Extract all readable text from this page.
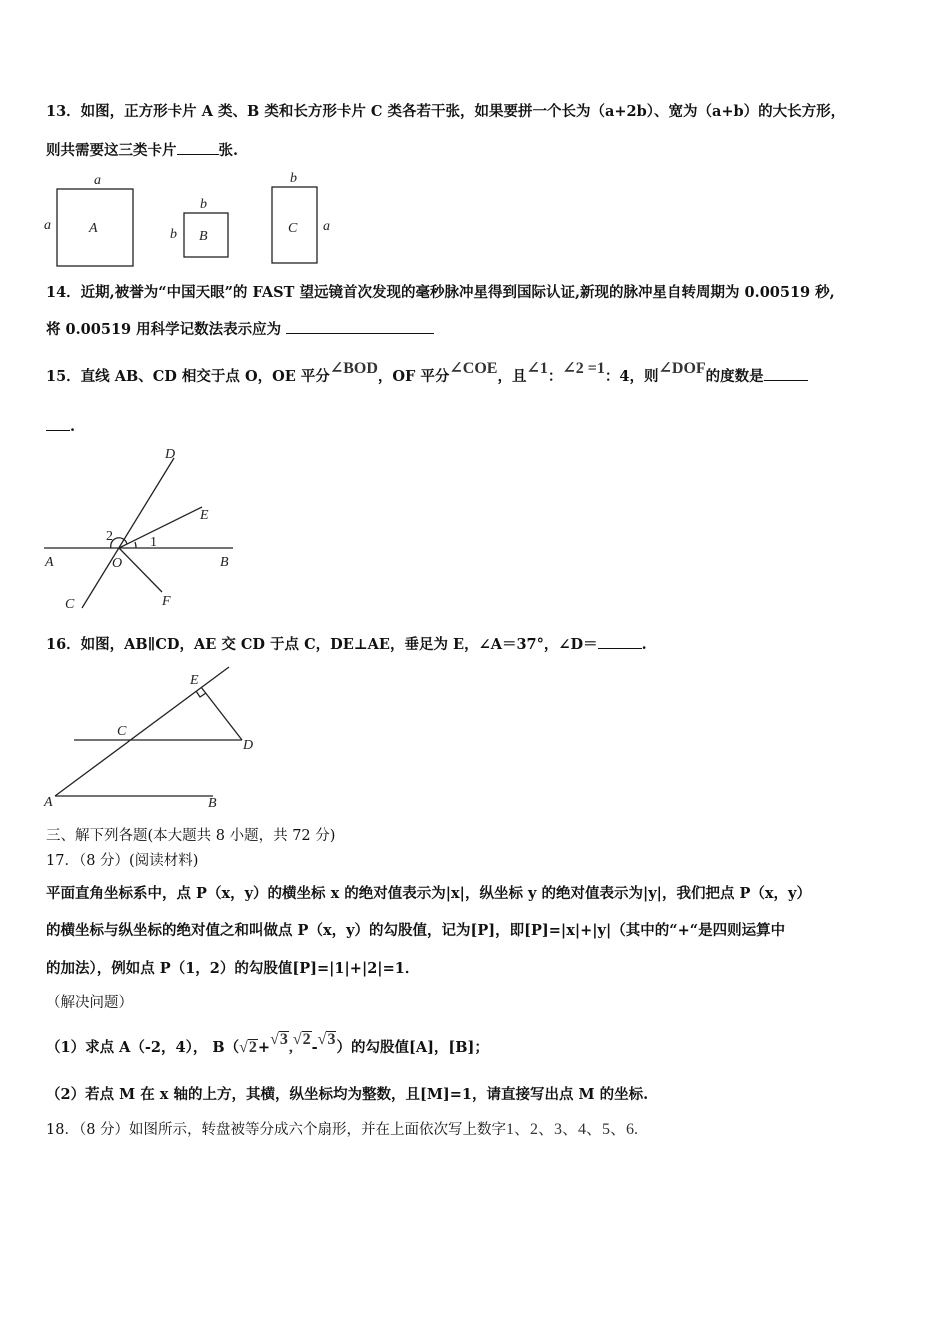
13．如图，正方形卡片 A 类、B 类和长方形卡片 C 类各若干张，如果要拼一个长为（a+2b）、宽为（a+b）的大长方形，
则共需要这三类卡片	张.
a
a	A
b
b B
b
a
C
14．近期,被誉为“中国天眼”的 FAST 望远镜首次发现的毫秒脉冲星得到国际认证,新现的脉冲星自转周期为 0.00519 秒,
将 0.00519 用科学记数法表示应为
15．直线 AB、CD 相交于点 O，OE 平分∠BOD，OF 平分∠COE，且∠1：∠2 =1：4，则∠DOF的度数是
.
D
E
2	1
A	O	B
C	F
16．如图，AB∥CD，AE 交 CD 于点 C，DE⊥AE，垂足为 E，∠A＝37°，∠D＝	.
E
C
D
A	B
三、解下列各题(本大题共 8 小题，共 72 分)
17．（8 分）(阅读材料)
平面直角坐标系中，点 P（x，y）的横坐标 x 的绝对值表示为|x|，纵坐标 y 的绝对值表示为|y|，我们把点 P（x，y）
的横坐标与纵坐标的绝对值之和叫做点 P（x，y）的勾股值，记为[P]，即[P]=|x|+|y|（其中的“+“是四则运算中
的加法），例如点 P（1，2）的勾股值[P]=|1|+|2|=1．
（解决问题）
（1）求点 A（-2，4）， B（√2+√3,√2-√3）的勾股值[A]，[B]；
（2）若点 M 在 x 轴的上方，其横，纵坐标均为整数，且[M]=1，请直接写出点 M 的坐标.
18．（8 分）如图所示，转盘被等分成六个扇形，并在上面依次写上数字1、2、3、4、5、6.
